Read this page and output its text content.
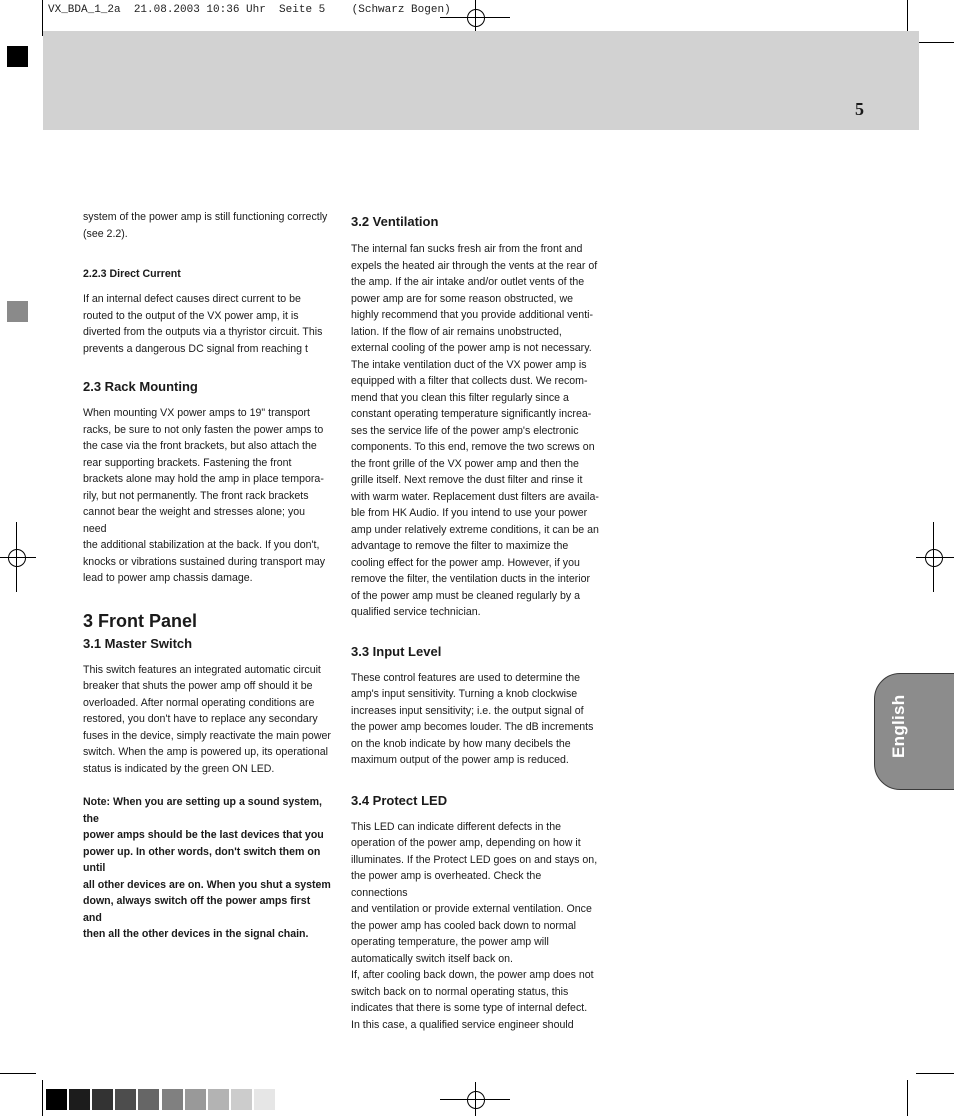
VX_BDA_1_2a  21.08.2003 10:36 Uhr  Seite 5    (Schwarz Bogen)
5
English

system of the power amp is still functioning correctly
(see 2.2).

2.2.3 Direct Current

If an internal defect causes direct current to be
routed to the output of the VX power amp, it is
diverted from the outputs via a thyristor circuit. This
prevents a dangerous DC signal from reaching t

2.3 Rack Mounting

When mounting VX power amps to 19" transport
racks, be sure to not only fasten the power amps to
the case via the front brackets, but also attach the
rear supporting brackets. Fastening the front
brackets alone may hold the amp in place tempora-
rily, but not permanently. The front rack brackets
cannot bear the weight and stresses alone; you need
the additional stabilization at the back. If you don't,
knocks or vibrations sustained during transport may
lead to power amp chassis damage.

3 Front Panel
3.1 Master Switch

This switch features an integrated automatic circuit
breaker that shuts the power amp off should it be
overloaded. After normal operating conditions are
restored, you don't have to replace any secondary
fuses in the device, simply reactivate the main power
switch. When the amp is powered up, its operational
status is indicated by the green ON LED.

Note: When you are setting up a sound system, the
power amps should be the last devices that you
power up. In other words, don't switch them on until
all other devices are on. When you shut a system
down, always switch off the power amps first and
then all the other devices in the signal chain.

3.2 Ventilation

The internal fan sucks fresh air from the front and
expels the heated air through the vents at the rear of
the amp. If the air intake and/or outlet vents of the
power amp are for some reason obstructed, we
highly recommend that you provide additional venti-
lation. If the flow of air remains unobstructed,
external cooling of the power amp is not necessary.
The intake ventilation duct of the VX power amp is
equipped with a filter that collects dust. We recom-
mend that you clean this filter regularly since a
constant operating temperature significantly increa-
ses the service life of the power amp's electronic
components. To this end, remove the two screws on
the front grille of the VX power amp and then the
grille itself. Next remove the dust filter and rinse it
with warm water. Replacement dust filters are availa-
ble from HK Audio. If you intend to use your power
amp under relatively extreme conditions, it can be an
advantage to remove the filter to maximize the
cooling effect for the power amp. However, if you
remove the filter, the ventilation ducts in the interior
of the power amp must be cleaned regularly by a
qualified service technician.

3.3 Input Level

These control features are used to determine the
amp's input sensitivity. Turning a knob clockwise
increases input sensitivity; i.e. the output signal of
the power amp becomes louder. The dB increments
on the knob indicate by how many decibels the
maximum output of the power amp is reduced.

3.4 Protect LED

This LED can indicate different defects in the
operation of the power amp, depending on how it
illuminates. If the Protect LED goes on and stays on,
the power amp is overheated. Check the connections
and ventilation or provide external ventilation. Once
the power amp has cooled back down to normal
operating temperature, the power amp will
automatically switch itself back on.
If, after cooling back down, the power amp does not
switch back on to normal operating status, this
indicates that there is some type of internal defect.
In this case, a qualified service engineer should
